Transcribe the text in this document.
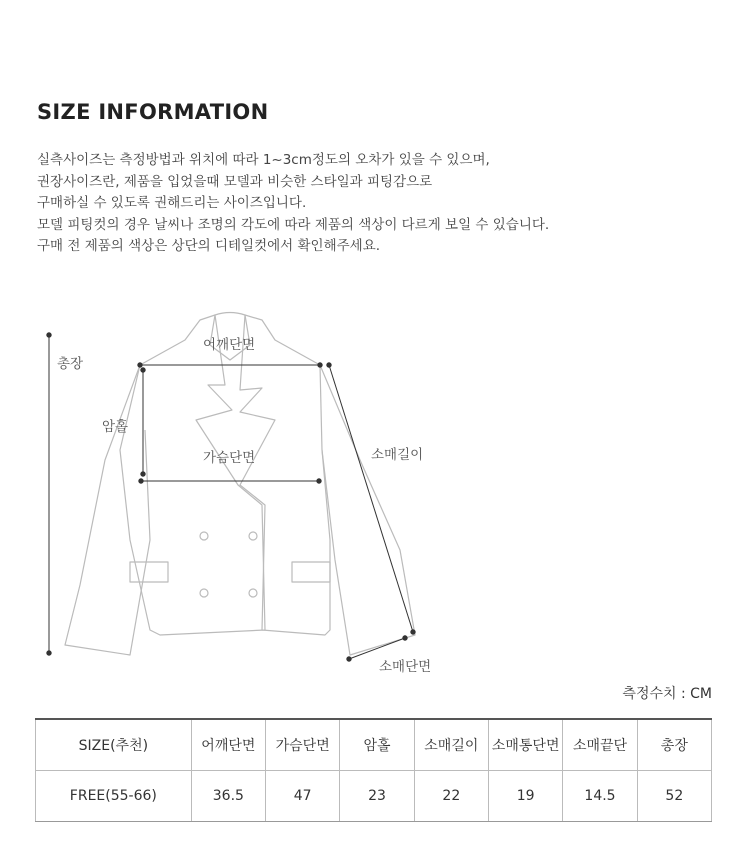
SIZE INFORMATION
실측사이즈는 측정방법과 위치에 따라 1~3cm정도의 오차가 있을 수 있으며,
권장사이즈란, 제품을 입었을때 모델과 비슷한 스타일과 피팅감으로
구매하실 수 있도록 권해드리는 사이즈입니다.
모델 피팅컷의 경우 날씨나 조명의 각도에 따라 제품의 색상이 다르게 보일 수 있습니다.
구매 전 제품의 색상은 상단의 디테일컷에서 확인해주세요.
총장
어깨단면
암홀
가슴단면	소매길이
소매단면
측정수치 : CM
SIZE(추천)	어깨단면	가슴단면	암홀	소매길이	소매통단면	소매끝단	총장
FREE(55-66)	36.5	47	23	22	19	14.5	52
